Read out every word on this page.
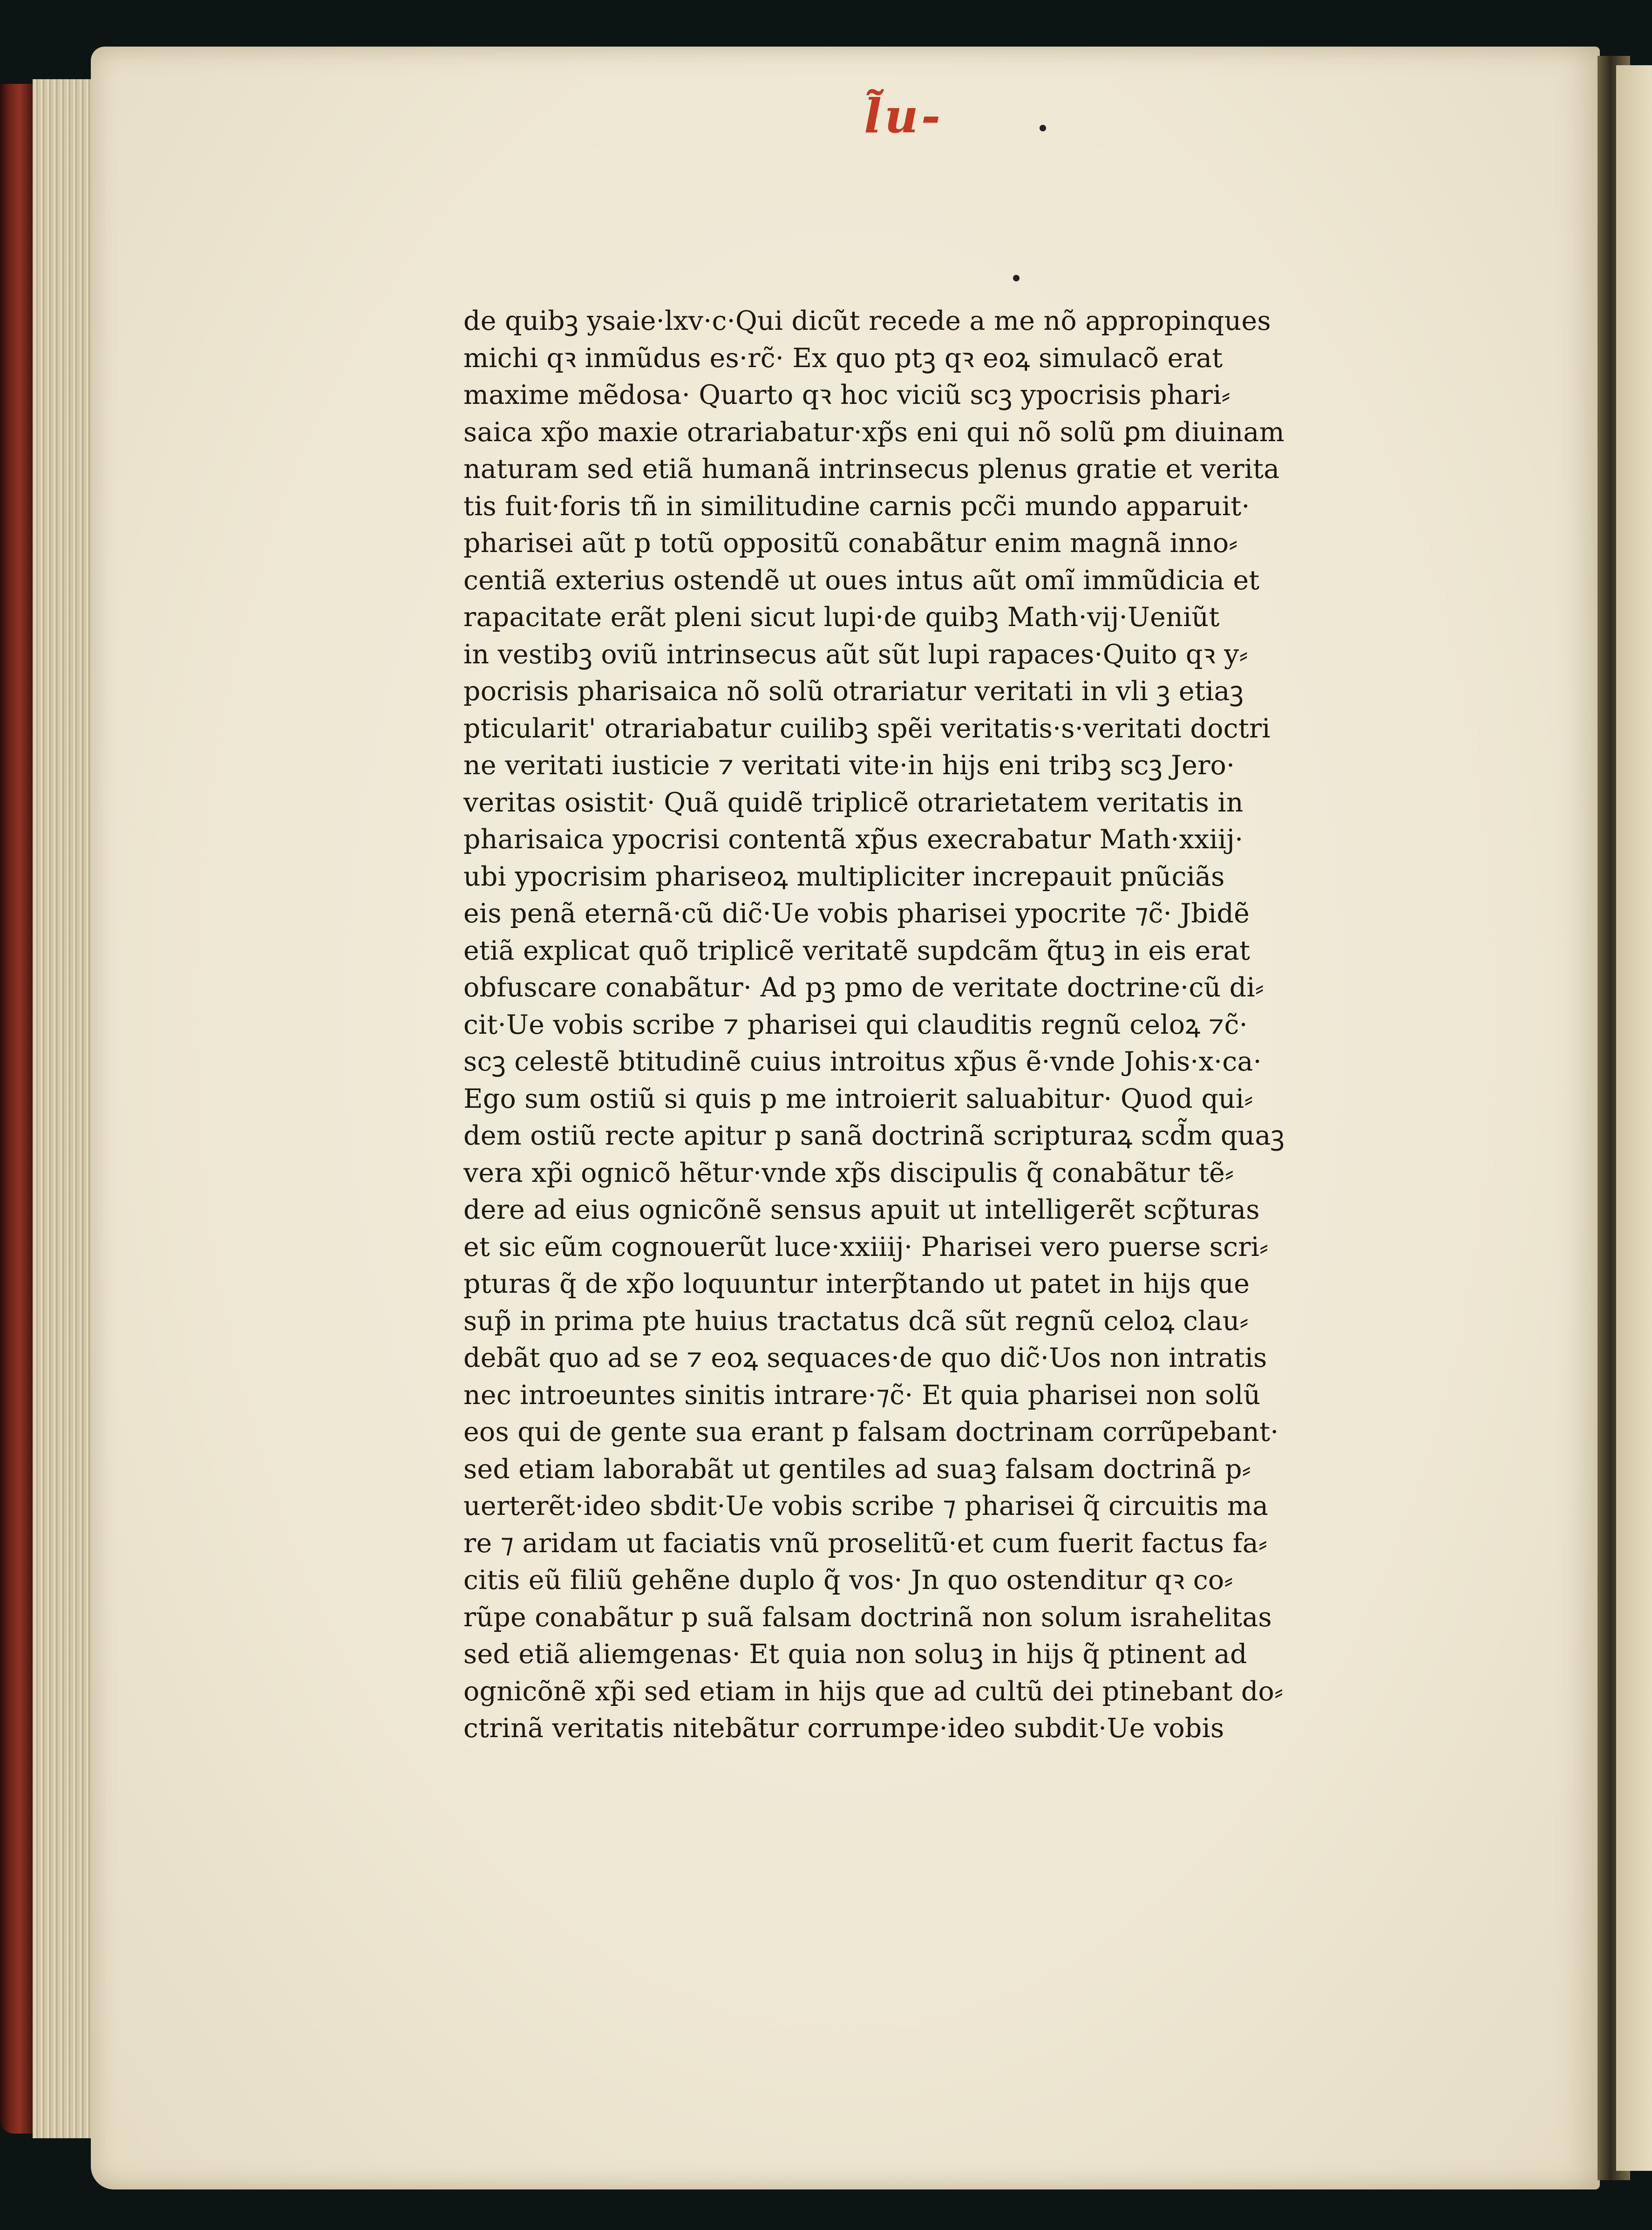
l̃u-
de quibꝫ ysaie·lxv·c·Qui dicũt recede a me nõ appropinques
michi qꝛ inmũdus es·rc̃· Ex quo ptꝫ qꝛ eoꝝ simulacõ erat
maxime mẽdosa· Quarto qꝛ hoc viciũ scꝫ ypocrisis phari⸗
saica xp̃o maxie otrariabatur·xp̃s eni qui nõ solũ ꝑm diuinam
naturam sed etiã humanã intrinsecus plenus gratie et verita
tis fuit·foris tñ in similitudine carnis pcc̃i mundo apparuit·
pharisei aũt p totũ oppositũ conabãtur enim magnã inno⸗
centiã exterius ostendẽ ut oues intus aũt omĩ immũdicia et
rapacitate erãt pleni sicut lupi·de quibꝫ Math·vij·Ueniũt
in vestibꝫ oviũ intrinsecus aũt sũt lupi rapaces·Quito qꝛ y⸗
pocrisis pharisaica nõ solũ otrariatur veritati in vli ꝫ etiaꝫ
pticularit' otrariabatur cuilibꝫ spẽi veritatis·s·veritati doctri
ne veritati iusticie ⁊ veritati vite·in hijs eni tribꝫ scꝫ Jero·
veritas osistit· Quã quidẽ triplicẽ otrarietatem veritatis in
pharisaica ypocrisi contentã xp̃us execrabatur Math·xxiij·
ubi ypocrisim phariseoꝝ multipliciter increpauit pnũciãs
eis penã eternã·cũ dic̃·Ue vobis pharisei ypocrite ⁊c̃· Jbidẽ
etiã explicat quõ triplicẽ veritatẽ supdcãm q̃tuꝫ in eis erat
obfuscare conabãtur· Ad pꝫ pmo de veritate doctrine·cũ di⸗
cit·Ue vobis scribe ⁊ pharisei qui clauditis regnũ celoꝝ ⁊c̃·
scꝫ celestẽ btitudinẽ cuius introitus xp̃us ẽ·vnde Johis·x·ca·
Ego sum ostiũ si quis p me introierit saluabitur· Quod qui⸗
dem ostiũ recte apitur p sanã doctrinã scripturaꝝ scd̃m quaꝫ
vera xp̃i ognicõ hẽtur·vnde xp̃s discipulis q̃ conabãtur tẽ⸗
dere ad eius ognicõnẽ sensus apuit ut intelligerẽt scp̃turas
et sic eũm cognouerũt luce·xxiiij· Pharisei vero puerse scri⸗
pturas q̃ de xp̃o loquuntur interp̃tando ut patet in hijs que
sup̃ in prima pte huius tractatus dcã sũt regnũ celoꝝ clau⸗
debãt quo ad se ⁊ eoꝝ sequaces·de quo dic̃·Uos non intratis
nec introeuntes sinitis intrare·⁊c̃· Et quia pharisei non solũ
eos qui de gente sua erant p falsam doctrinam corrũpebant·
sed etiam laborabãt ut gentiles ad suaꝫ falsam doctrinã p⸗
uerterẽt·ideo sbdit·Ue vobis scribe ⁊ pharisei q̃ circuitis ma
re ⁊ aridam ut faciatis vnũ proselitũ·et cum fuerit factus fa⸗
citis eũ filiũ gehẽne duplo q̃ vos· Jn quo ostenditur qꝛ co⸗
rũpe conabãtur p suã falsam doctrinã non solum israhelitas
sed etiã aliemgenas· Et quia non soluꝫ in hijs q̃ ptinent ad
ognicõnẽ xp̃i sed etiam in hijs que ad cultũ dei ptinebant do⸗
ctrinã veritatis nitebãtur corrumpe·ideo subdit·Ue vobis
